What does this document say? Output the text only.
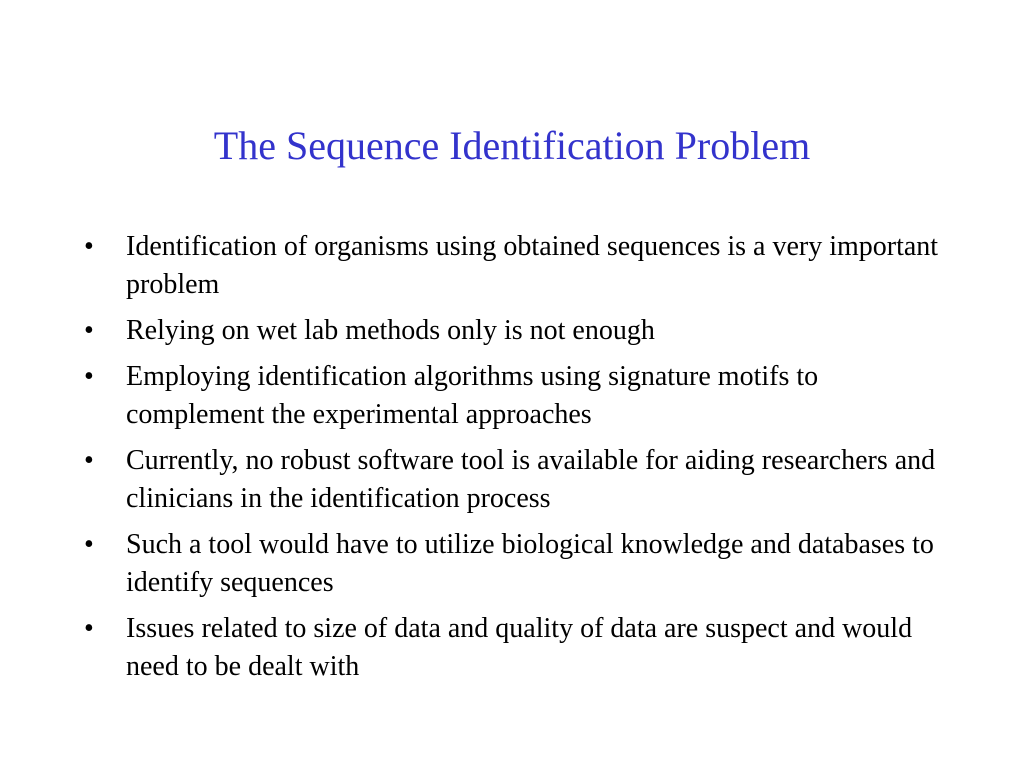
The Sequence Identification Problem
•	Identification of organisms using obtained sequences is a very important problem
•	Relying on wet lab methods only is not enough
•	Employing identification algorithms using signature motifs to complement the experimental approaches
•	Currently, no robust software tool is available for aiding researchers and clinicians in the identification process
•	Such a tool would have to utilize biological knowledge and databases to identify sequences
•	Issues related to size of data and quality of data are suspect and would need to be dealt with
